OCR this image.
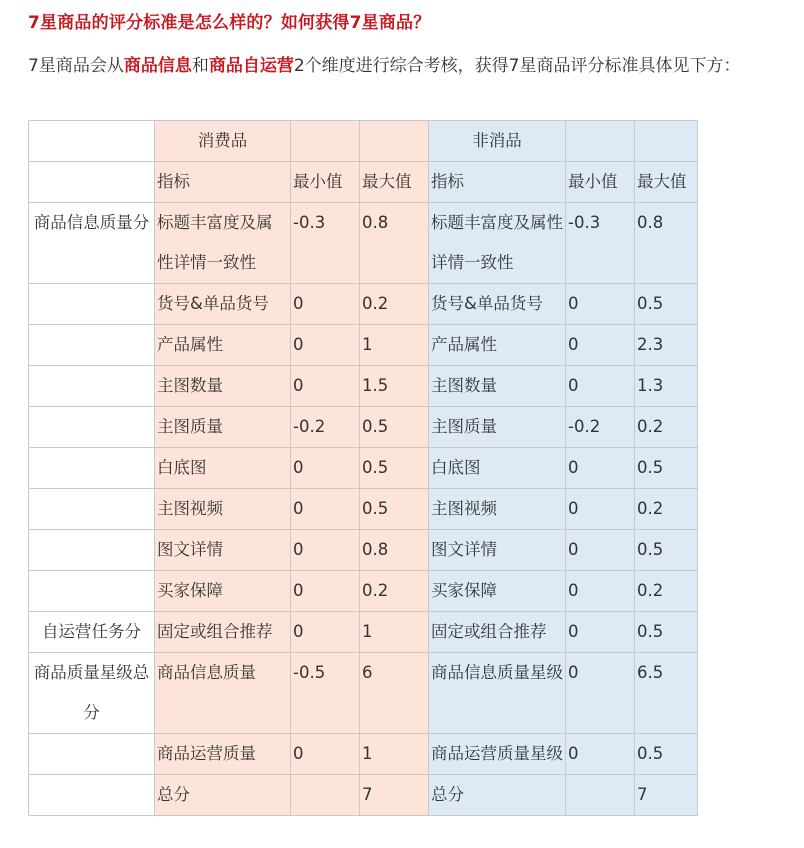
7星商品的评分标准是怎么样的？如何获得7星商品？
7星商品会从商品信息和商品自运营2个维度进行综合考核，获得7星商品评分标准具体见下方：
	消费品			非消品		
	指标	最小值	最大值	指标	最小值	最大值
商品信息质量分	标题丰富度及属性详情一致性	-0.3	0.8	标题丰富度及属性详情一致性	-0.3	0.8
	货号&单品货号	0	0.2	货号&单品货号	0	0.5
	产品属性	0	1	产品属性	0	2.3
	主图数量	0	1.5	主图数量	0	1.3
	主图质量	-0.2	0.5	主图质量	-0.2	0.2
	白底图	0	0.5	白底图	0	0.5
	主图视频	0	0.5	主图视频	0	0.2
	图文详情	0	0.8	图文详情	0	0.5
	买家保障	0	0.2	买家保障	0	0.2
自运营任务分	固定或组合推荐	0	1	固定或组合推荐	0	0.5
商品质量星级总分	商品信息质量	-0.5	6	商品信息质量星级	0	6.5
	商品运营质量	0	1	商品运营质量星级	0	0.5
	总分		7	总分		7
